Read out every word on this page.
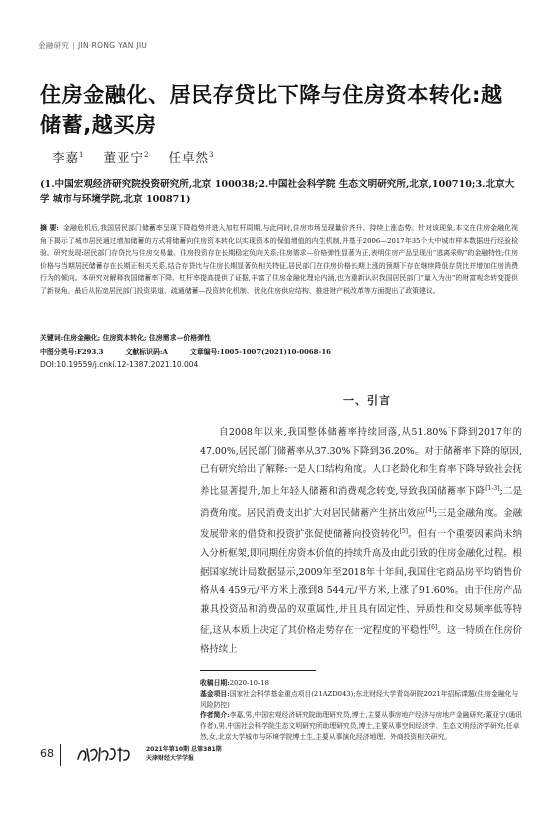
金融研究 | JIN RONG YAN JIU
住房金融化、居民存贷比下降与住房资本转化:越储蓄,越买房
李嘉$^1$ 董亚宁$^2$ 任卓然$^3$
(1.中国宏观经济研究院投资研究所,北京 100038;2.中国社会科学院 生态文明研究所,北京,100710;3.北京大学 城市与环境学院,北京 100871)
摘 要: 金融危机后,我国居民部门储蓄率呈现下降趋势并进入加杠杆周期,与此同时,住房市场呈现量价齐升、持续上涨态势。针对该现象,本文在住房金融化视角下揭示了城市居民通过增加储蓄的方式将储蓄向住房资本转化以实现资本的保值增值的内生机制,并基于2006—2017年35个大中城市样本数据进行经验检验。研究发现:居民部门存贷比与住房交易量、住房投资存在长期稳定负向关系;住房需求—价格弹性显著为正,表明住房产品呈现出“逃离采购”的金融特性;住房价格与当期居民储蓄存在长期正相关关系,结合存贷比与住房长期显著负相关特征,居民部门在住房价格长期上涨的预期下存在继续降低存贷比并增加住房消费行为的倾向。本研究对解释我国储蓄率下降、杠杆率提高提供了证据,丰富了住房金融化理论内涵,也为重新认识我国居民部门“量入为出”的财富观念转变提供了新视角。最后从拓宽居民部门投资渠道、疏通储蓄—投资转化机制、优化住房供应结构、推进财产税改革等方面提出了政策建议。
关键词:住房金融化; 住房资本转化; 住房需求—价格弹性
中图分类号:F293.3	文献标识码:A	文章编号:1005-1007(2021)10-0068-16
DOI:10.19559/j.cnki.12-1387.2021.10.004
一、引言
自2008年以来,我国整体储蓄率持续回落,从51.80%下降到2017年的47.00%,居民部门储蓄率从37.30%下降到36.20%。对于储蓄率下降的原因,已有研究给出了解释:一是人口结构角度。人口老龄化和生育率下降导致社会抚养比显著提升,加上年轻人储蓄和消费观念转变,导致我国储蓄率下降[1-3];二是消费角度。居民消费支出扩大对居民储蓄产生挤出效应[4];三是金融角度。金融发展带来的借贷和投资扩张促使储蓄向投资转化[5]。但有一个重要因素尚未纳入分析框架,即同期住房资本价值的持续升高及由此引致的住房金融化过程。根据国家统计局数据显示,2009年至2018年十年间,我国住宅商品房平均销售价格从4 459元/平方米上涨到8 544元/平方米,上涨了91.60%。由于住房产品兼具投资品和消费品的双重属性,并且具有固定性、异质性和交易频率低等特征,这从本质上决定了其价格走势存在一定程度的平稳性[6]。这一特质在住房价格持续上
收稿日期:2020-10-18
基金项目:国家社会科学基金重点项目(21AZD043);东北财经大学青岛研院2021年招标课题(住房金融化与风险防控)
作者简介:李嘉,男,中国宏观经济研究院助理研究员,博士,主要从事房地产经济与房地产金融研究;董亚宁(通讯作者),男,中国社会科学院生态文明研究所助理研究员,博士,主要从事空间经济学、生态文明经济学研究;任卓然,女,北京大学城市与环境学院博士生,主要从事演化经济地理、外商投资相关研究。
68	2021年第10期 总第381期
天津财经大学学报
